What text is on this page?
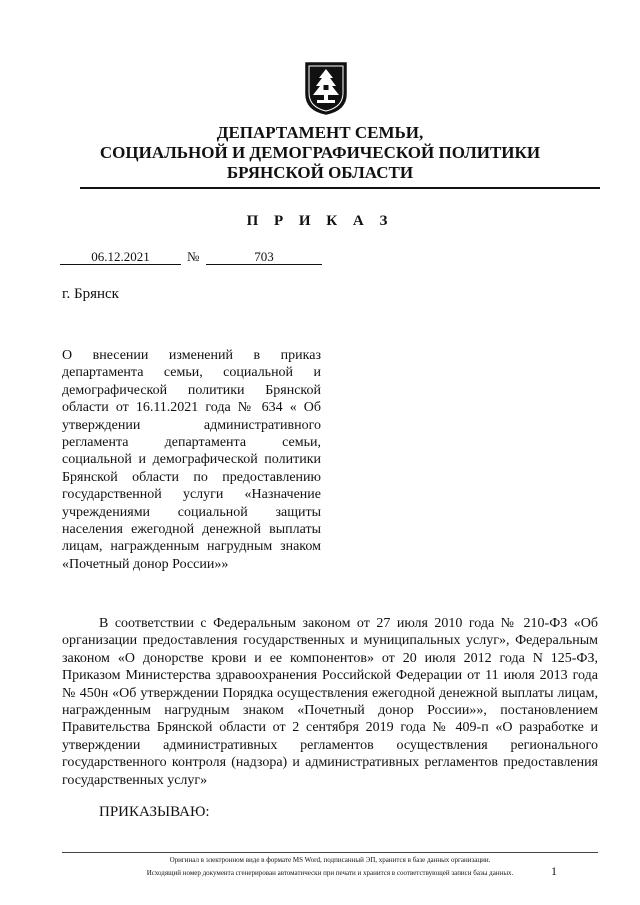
ДЕПАРТАМЕНТ СЕМЬИ,
СОЦИАЛЬНОЙ И ДЕМОГРАФИЧЕСКОЙ ПОЛИТИКИ
БРЯНСКОЙ ОБЛАСТИ
П Р И К А З
06.12.2021	№	703
г. Брянск
О внесении изменений в приказ департамента семьи, социальной и демографической политики Брянской области от 16.11.2021 года № 634 « Об утверждении административного регламента департамента семьи, социальной и демографической политики Брянской области по предоставлению государственной услуги «Назначение учреждениями социальной защиты населения ежегодной денежной выплаты лицам, награжденным нагрудным знаком «Почетный донор России»»
В соответствии с Федеральным законом от 27 июля 2010 года № 210-ФЗ «Об организации предоставления государственных и муниципальных услуг», Федеральным законом «О донорстве крови и ее компонентов» от 20 июля 2012 года N 125-ФЗ, Приказом Министерства здравоохранения Российской Федерации от 11 июля 2013 года № 450н «Об утверждении Порядка осуществления ежегодной денежной выплаты лицам, награжденным нагрудным знаком «Почетный донор России»», постановлением Правительства Брянской области от 2 сентября 2019 года № 409-п «О разработке и утверждении административных регламентов осуществления регионального государственного контроля (надзора) и административных регламентов предоставления государственных услуг»
ПРИКАЗЫВАЮ:
Оригинал в электронном виде в формате MS Word, подписанный ЭП, хранится в базе данных организации.
Исходящий номер документа сгенерирован автоматически при печати и хранится в соответствующей записи базы данных.	1
